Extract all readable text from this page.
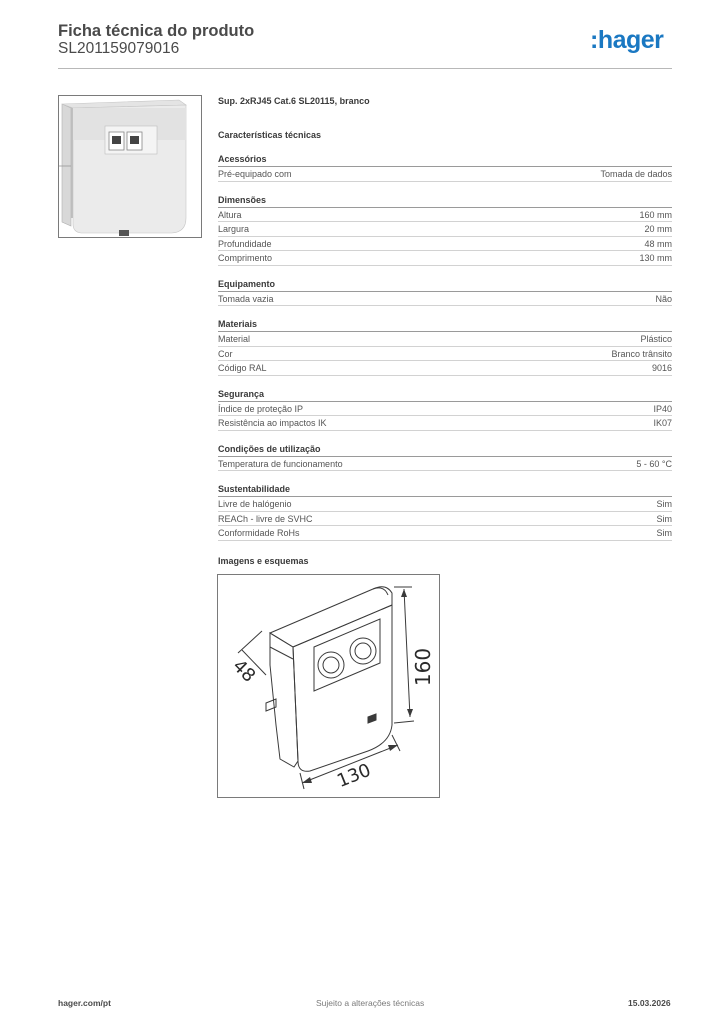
Ficha técnica do produto
SL201159079016	:hager
Sup. 2xRJ45 Cat.6 SL20115, branco
Características técnicas
Acessórios
Pré-equipado com	Tomada de dados
Dimensões
Altura	160 mm
Largura	20 mm
Profundidade	48 mm
Comprimento	130 mm
Equipamento
Tomada vazia	Não
Materiais
Material	Plástico
Cor	Branco trânsito
Código RAL	9016
Segurança
Índice de proteção IP	IP40
Resistência ao impactos IK	IK07
Condições de utilização
Temperatura de funcionamento	5 - 60 °C
Sustentabilidade
Livre de halógenio	Sim
REACh - livre de SVHC	Sim
Conformidade RoHs	Sim
Imagens e esquemas
160
48
130
hager.com/pt	Sujeito a alterações técnicas	15.03.2026
